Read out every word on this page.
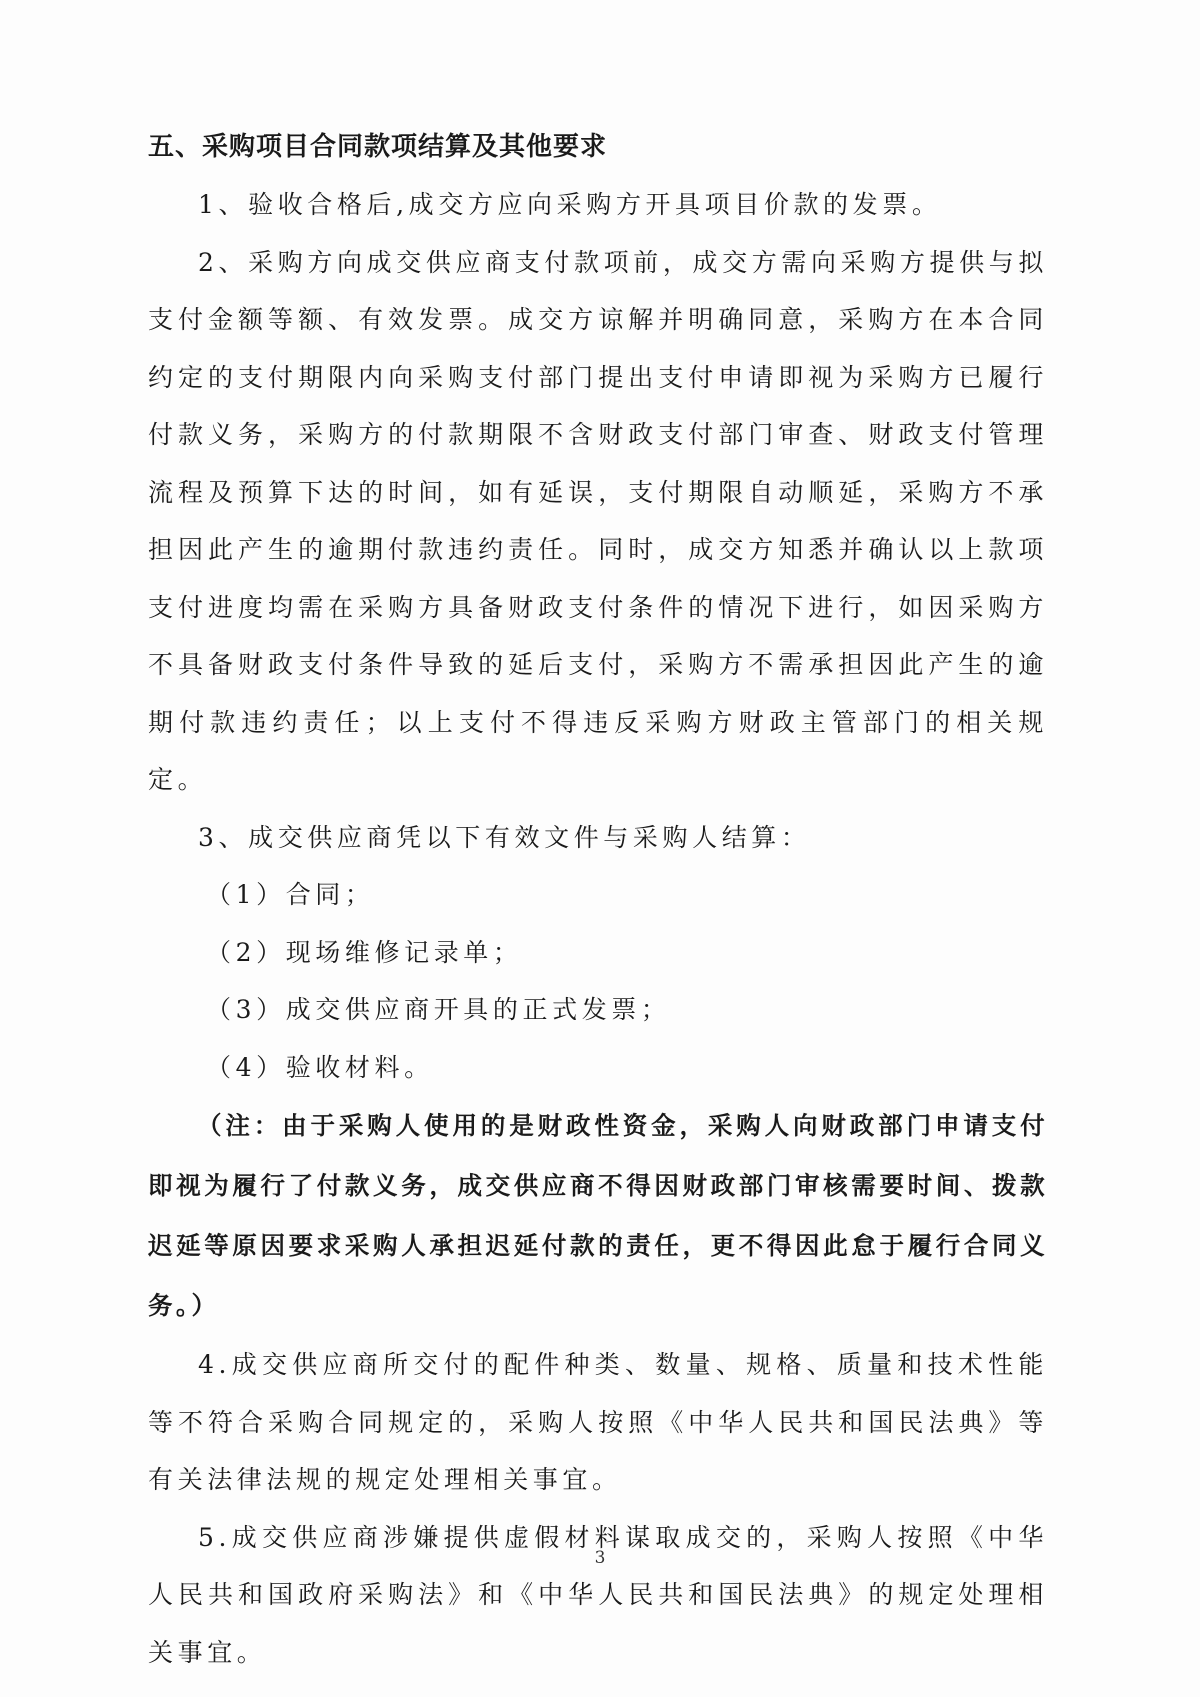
五、采购项目合同款项结算及其他要求

1、验收合格后,成交方应向采购方开具项目价款的发票。

2、采购方向成交供应商支付款项前，成交方需向采购方提供与拟支付金额等额、有效发票。成交方谅解并明确同意，采购方在本合同约定的支付期限内向采购支付部门提出支付申请即视为采购方已履行付款义务，采购方的付款期限不含财政支付部门审查、财政支付管理流程及预算下达的时间，如有延误，支付期限自动顺延，采购方不承担因此产生的逾期付款违约责任。同时，成交方知悉并确认以上款项支付进度均需在采购方具备财政支付条件的情况下进行，如因采购方不具备财政支付条件导致的延后支付，采购方不需承担因此产生的逾期付款违约责任；以上支付不得违反采购方财政主管部门的相关规定。

3、成交供应商凭以下有效文件与采购人结算：

（1）合同；

（2）现场维修记录单；

（3）成交供应商开具的正式发票；

（4）验收材料。

（注：由于采购人使用的是财政性资金，采购人向财政部门申请支付即视为履行了付款义务，成交供应商不得因财政部门审核需要时间、拨款迟延等原因要求采购人承担迟延付款的责任，更不得因此怠于履行合同义务。）

4.成交供应商所交付的配件种类、数量、规格、质量和技术性能等不符合采购合同规定的，采购人按照《中华人民共和国民法典》等有关法律法规的规定处理相关事宜。

5.成交供应商涉嫌提供虚假材料谋取成交的，采购人按照《中华人民共和国政府采购法》和《中华人民共和国民法典》的规定处理相关事宜。

3
